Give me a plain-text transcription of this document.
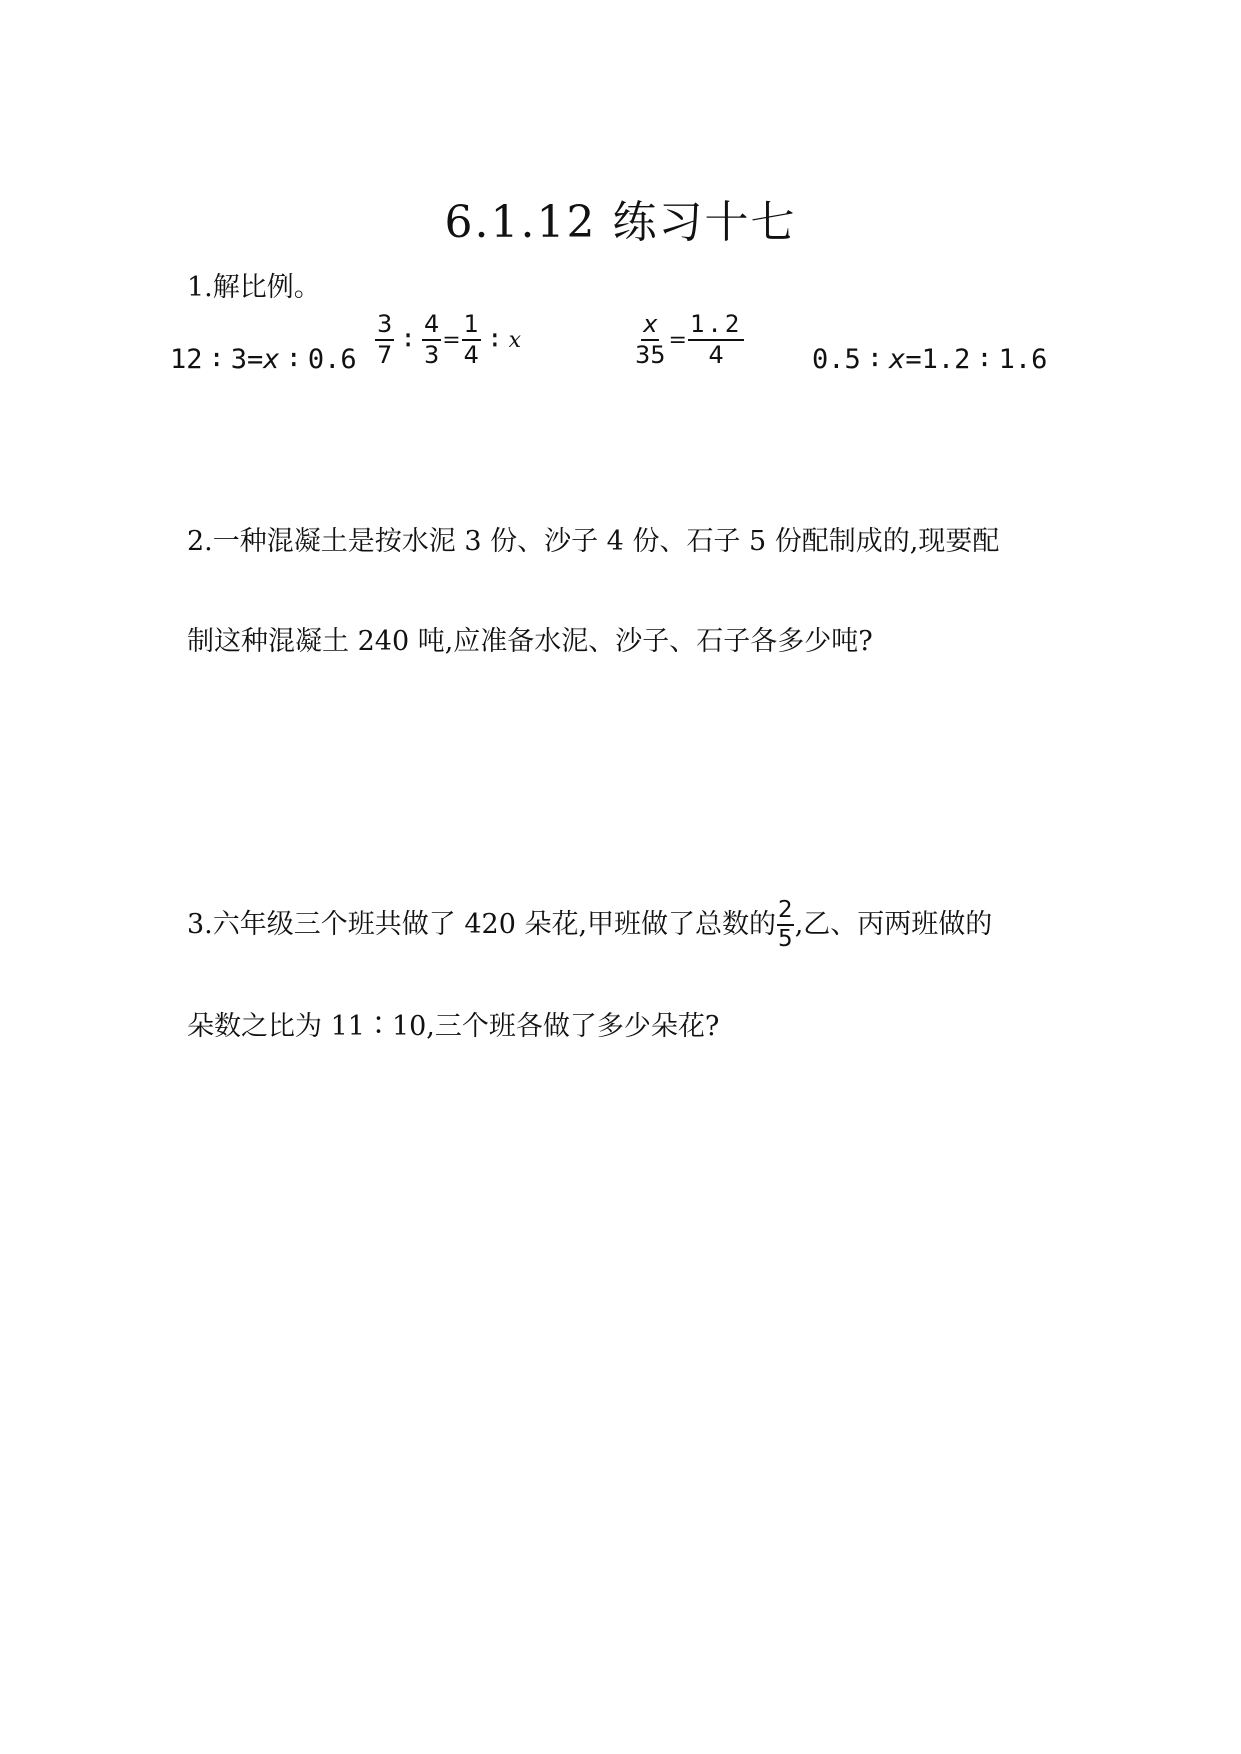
6.1.12 练习十七
1.解比例。
12 ∶ 3= x ∶ $0.6 \frac{3}{7}$ ∶ $\frac{4}{3} = \frac{1}{4}$ ∶ x	$\frac{x}{35} = \frac{1.2}{4}$	0.5 ∶ x =1.2 ∶ 1.6
2.一种混凝土是按水泥 3 份、沙子 4 份、石子 5 份配制成的,现要配
制这种混凝土 240 吨,应准备水泥、沙子、石子各多少吨?
3.六年级三个班共做了 420 朵花,甲班做了总数的 $\frac{2}{5}$ ,乙、丙两班做的
朵数之比为 11∶10,三个班各做了多少朵花?
